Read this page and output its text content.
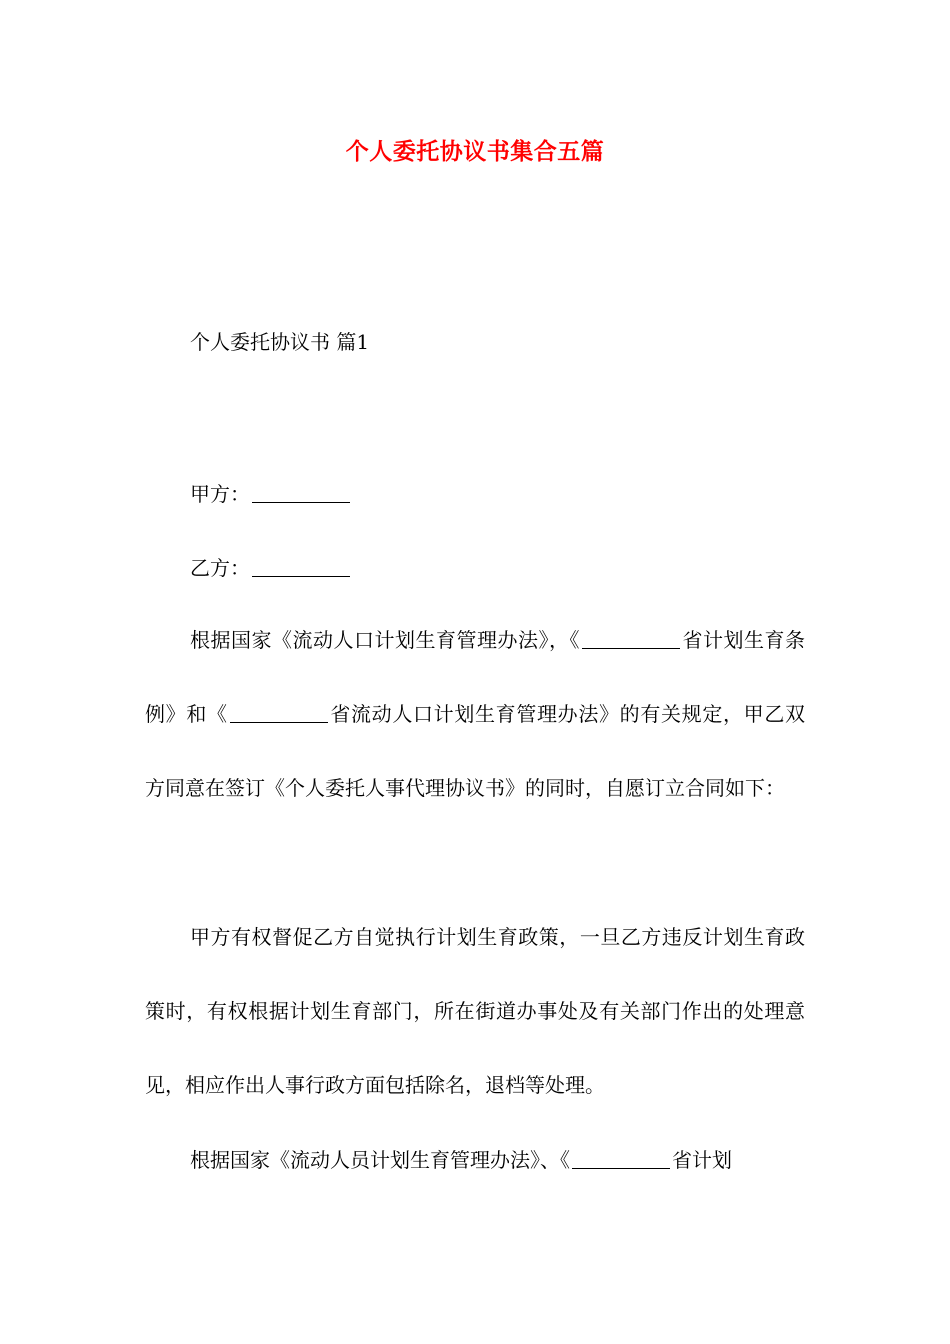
个人委托协议书集合五篇
个人委托协议书 篇1
甲方：
乙方：

根据国家《流动人口计划生育管理办法》，《	省计划生育条例》和《	省流动人口计划生育管理办法》的有关规定，甲乙双方同意在签订《个人委托人事代理协议书》的同时，自愿订立合同如下：

甲方有权督促乙方自觉执行计划生育政策，一旦乙方违反计划生育政策时，有权根据计划生育部门，所在街道办事处及有关部门作出的处理意见，相应作出人事行政方面包括除名，退档等处理。

根据国家《流动人员计划生育管理办法》、《	省计划
